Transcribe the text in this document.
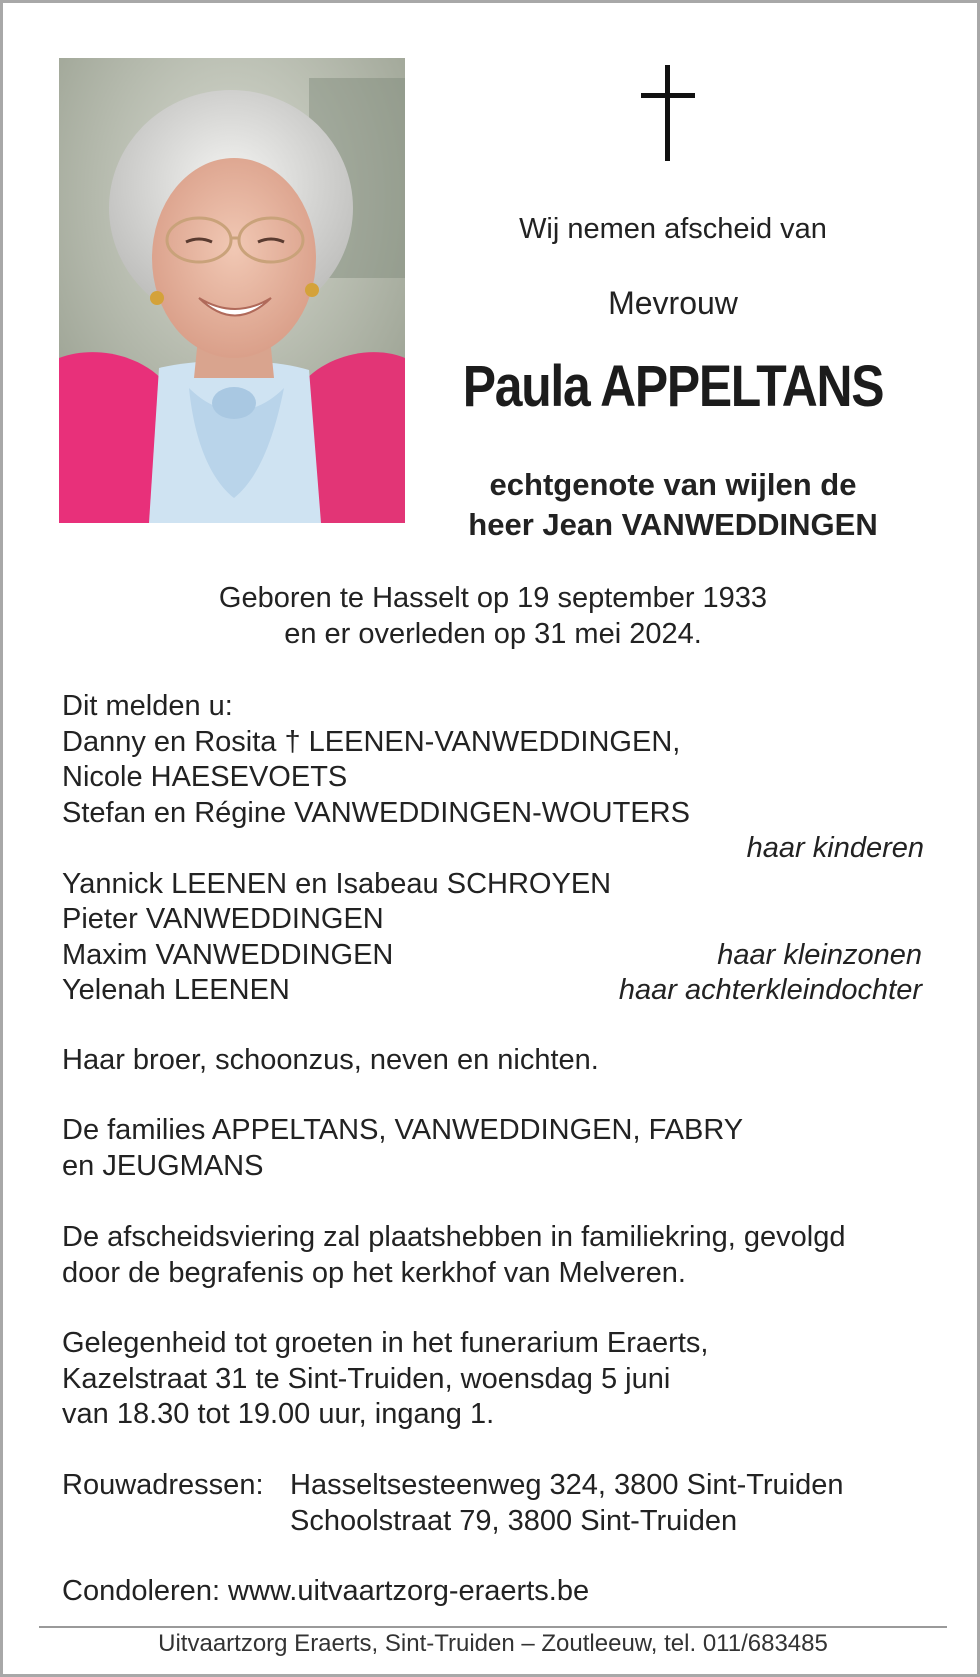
Wij nemen afscheid van
Mevrouw
Paula APPELTANS
echtgenote van wijlen de
heer Jean VANWEDDINGEN
Geboren te Hasselt op 19 september 1933
en er overleden op 31 mei 2024.
Dit melden u:
Danny en Rosita † LEENEN-VANWEDDINGEN,
Nicole HAESEVOETS
Stefan en Régine VANWEDDINGEN-WOUTERS
haar kinderen
Yannick LEENEN en Isabeau SCHROYEN
Pieter VANWEDDINGEN
Maxim VANWEDDINGEN	haar kleinzonen
Yelenah LEENEN	haar achterkleindochter
Haar broer, schoonzus, neven en nichten.
De families APPELTANS, VANWEDDINGEN, FABRY
en JEUGMANS
De afscheidsviering zal plaatshebben in familiekring, gevolgd
door de begrafenis op het kerkhof van Melveren.
Gelegenheid tot groeten in het funerarium Eraerts,
Kazelstraat 31 te Sint-Truiden, woensdag 5 juni
van 18.30 tot 19.00 uur, ingang 1.
Rouwadressen: Hasseltsesteenweg 324, 3800 Sint-Truiden
Schoolstraat 79, 3800 Sint-Truiden
Condoleren: www.uitvaartzorg-eraerts.be
Uitvaartzorg Eraerts, Sint-Truiden – Zoutleeuw, tel. 011/683485
